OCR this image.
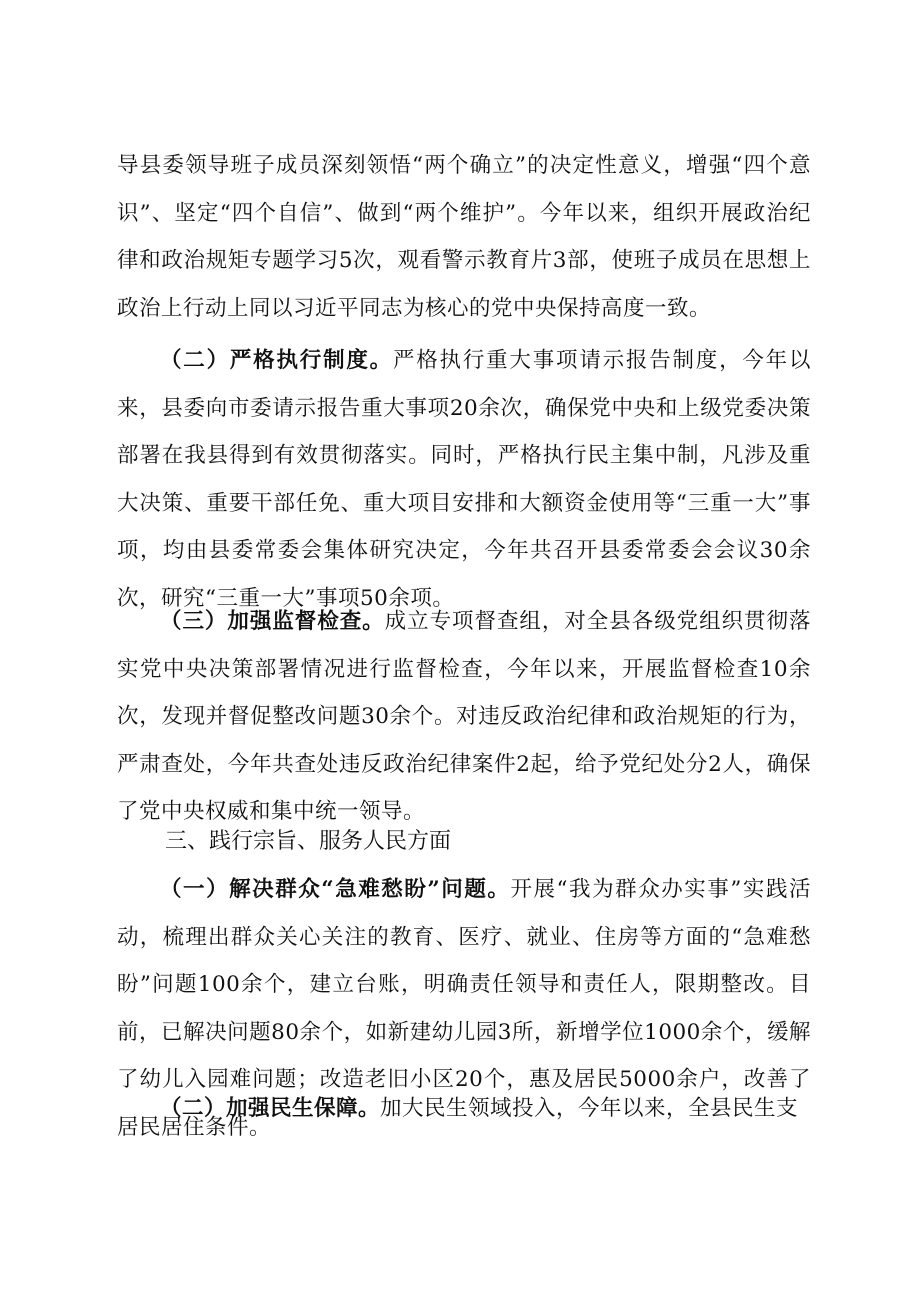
导县委领导班子成员深刻领悟“两个确立”的决定性意义，增强“四个意识”、坚定“四个自信”、做到“两个维护”。今年以来，组织开展政治纪律和政治规矩专题学习5次，观看警示教育片3部，使班子成员在思想上政治上行动上同以习近平同志为核心的党中央保持高度一致。

（二）严格执行制度。严格执行重大事项请示报告制度，今年以来，县委向市委请示报告重大事项20余次，确保党中央和上级党委决策部署在我县得到有效贯彻落实。同时，严格执行民主集中制，凡涉及重大决策、重要干部任免、重大项目安排和大额资金使用等“三重一大”事项，均由县委常委会集体研究决定，今年共召开县委常委会会议30余次，研究“三重一大”事项50余项。

（三）加强监督检查。成立专项督查组，对全县各级党组织贯彻落实党中央决策部署情况进行监督检查，今年以来，开展监督检查10余次，发现并督促整改问题30余个。对违反政治纪律和政治规矩的行为，严肃查处，今年共查处违反政治纪律案件2起，给予党纪处分2人，确保了党中央权威和集中统一领导。

三、践行宗旨、服务人民方面

（一）解决群众“急难愁盼”问题。开展“我为群众办实事”实践活动，梳理出群众关心关注的教育、医疗、就业、住房等方面的“急难愁盼”问题100余个，建立台账，明确责任领导和责任人，限期整改。目前，已解决问题80余个，如新建幼儿园3所，新增学位1000余个，缓解了幼儿入园难问题；改造老旧小区20个，惠及居民5000余户，改善了居民居住条件。

（二）加强民生保障。加大民生领域投入，今年以来，全县民生支
